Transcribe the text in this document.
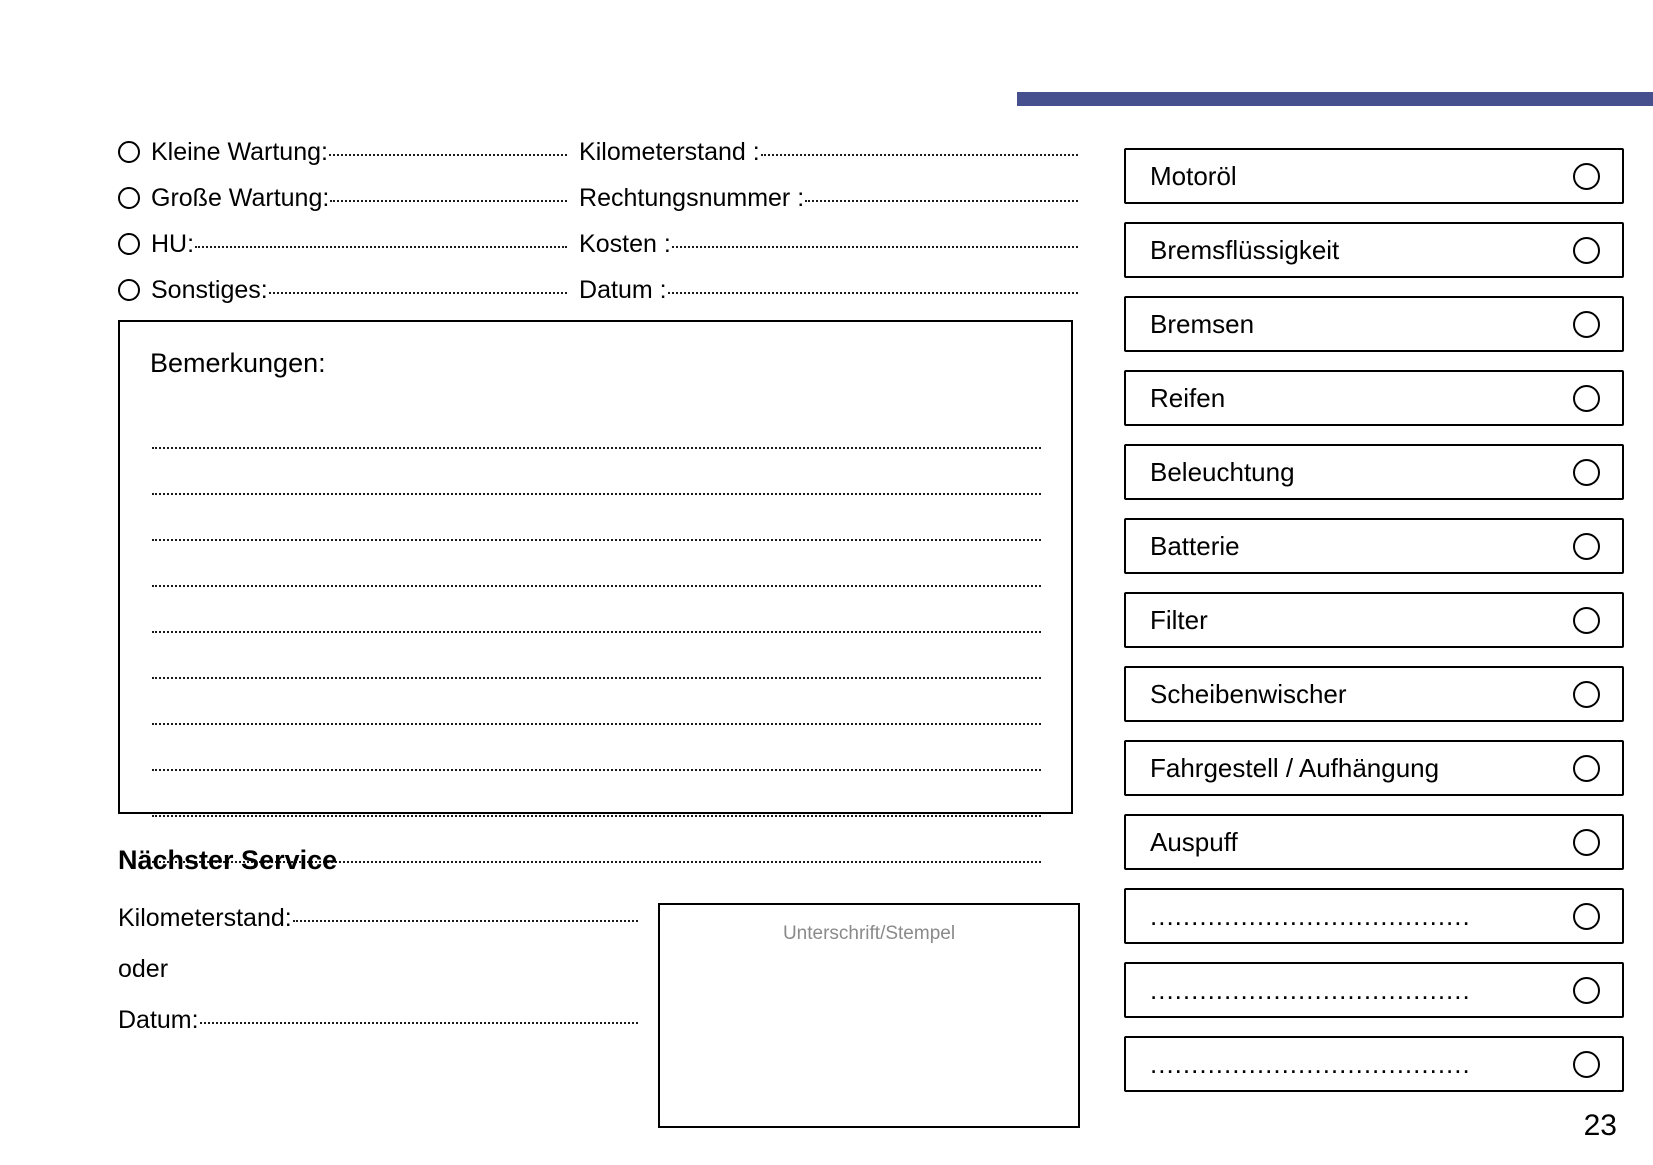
Kleine Wartung:	Kilometerstand :
Große Wartung:	Rechtungsnummer :
HU:	Kosten :
Sonstiges:	Datum :
Bemerkungen:
Nächster Service
Kilometerstand:
oder
Datum:
Unterschrift/Stempel
Motoröl
Bremsflüssigkeit
Bremsen
Reifen
Beleuchtung
Batterie
Filter
Scheibenwischer
Fahrgestell / Aufhängung
Auspuff
.......................................
.......................................
.......................................
23
